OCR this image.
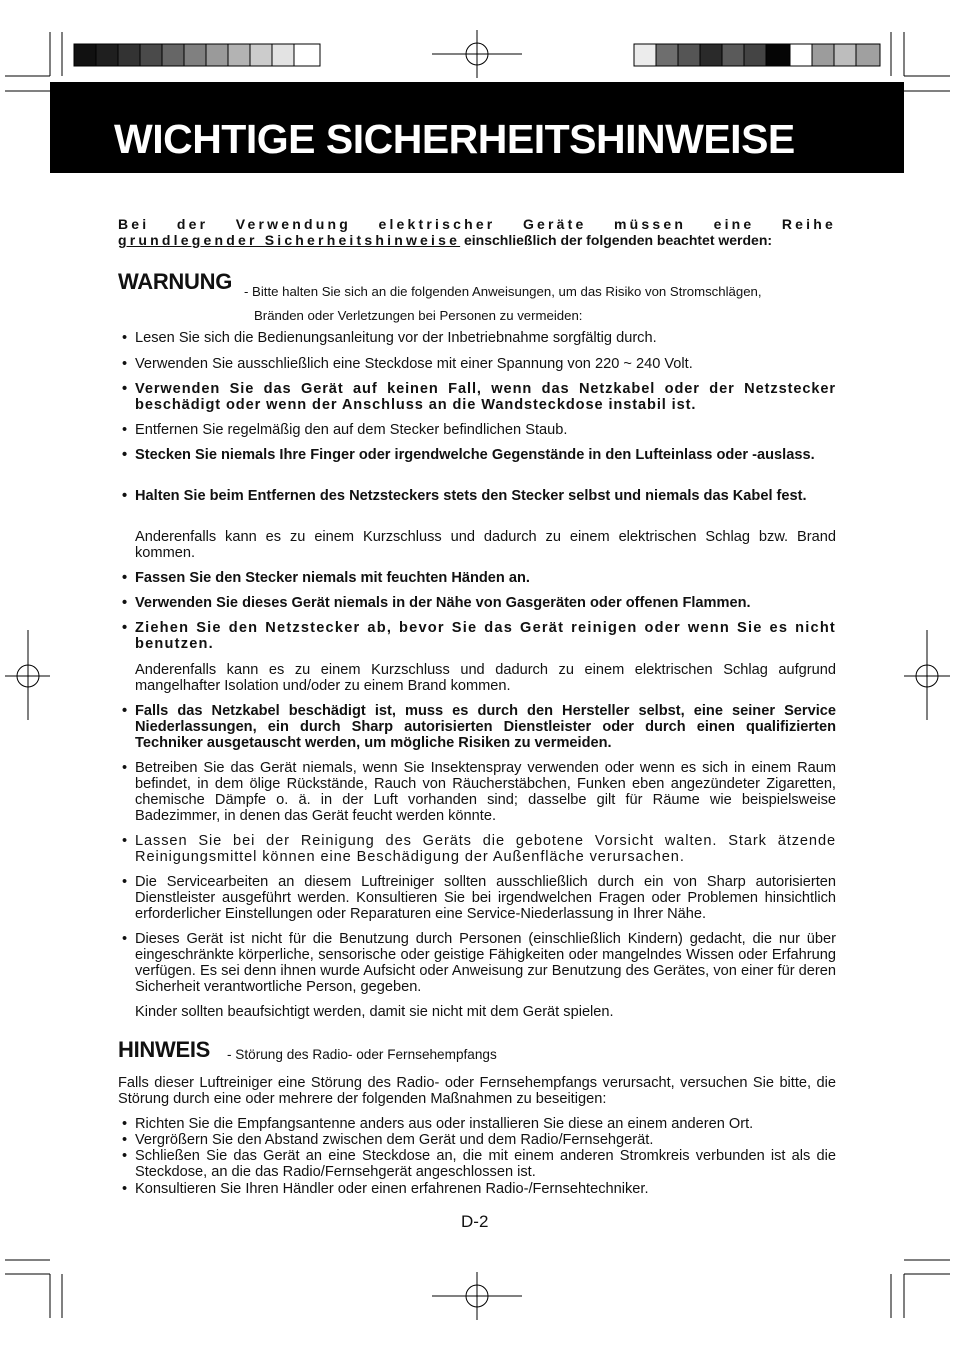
WICHTIGE SICHERHEITSHINWEISE

Bei der Verwendung elektrischer Geräte müssen eine Reihe grundlegender Sicherheitshinweise einschließlich der folgenden beachtet werden:

WARNUNG - Bitte halten Sie sich an die folgenden Anweisungen, um das Risiko von Stromschlägen,
Bränden oder Verletzungen bei Personen zu vermeiden:
• Lesen Sie sich die Bedienungsanleitung vor der Inbetriebnahme sorgfältig durch.
• Verwenden Sie ausschließlich eine Steckdose mit einer Spannung von 220 ~ 240 Volt.
• Verwenden Sie das Gerät auf keinen Fall, wenn das Netzkabel oder der Netzstecker beschädigt oder wenn der Anschluss an die Wandsteckdose instabil ist.
• Entfernen Sie regelmäßig den auf dem Stecker befindlichen Staub.
• Stecken Sie niemals Ihre Finger oder irgendwelche Gegenstände in den Lufteinlass oder -auslass.
• Halten Sie beim Entfernen des Netzsteckers stets den Stecker selbst und niemals das Kabel fest.
Anderenfalls kann es zu einem Kurzschluss und dadurch zu einem elektrischen Schlag bzw. Brand kommen.
• Fassen Sie den Stecker niemals mit feuchten Händen an.
• Verwenden Sie dieses Gerät niemals in der Nähe von Gasgeräten oder offenen Flammen.
• Ziehen Sie den Netzstecker ab, bevor Sie das Gerät reinigen oder wenn Sie es nicht benutzen.
Anderenfalls kann es zu einem Kurzschluss und dadurch zu einem elektrischen Schlag aufgrund mangelhafter Isolation und/oder zu einem Brand kommen.
• Falls das Netzkabel beschädigt ist, muss es durch den Hersteller selbst, eine seiner Service Niederlassungen, ein durch Sharp autorisierten Dienstleister oder durch einen qualifizierten Techniker ausgetauscht werden, um mögliche Risiken zu vermeiden.
• Betreiben Sie das Gerät niemals, wenn Sie Insektenspray verwenden oder wenn es sich in einem Raum befindet, in dem ölige Rückstände, Rauch von Räucherstäbchen, Funken eben angezündeter Zigaretten, chemische Dämpfe o. ä. in der Luft vorhanden sind; dasselbe gilt für Räume wie beispielsweise Badezimmer, in denen das Gerät feucht werden könnte.
• Lassen Sie bei der Reinigung des Geräts die gebotene Vorsicht walten. Stark ätzende Reinigungsmittel können eine Beschädigung der Außenfläche verursachen.
• Die Servicearbeiten an diesem Luftreiniger sollten ausschließlich durch ein von Sharp autorisierten Dienstleister ausgeführt werden. Konsultieren Sie bei irgendwelchen Fragen oder Problemen hinsichtlich erforderlicher Einstellungen oder Reparaturen eine Service-Niederlassung in Ihrer Nähe.
• Dieses Gerät ist nicht für die Benutzung durch Personen (einschließlich Kindern) gedacht, die nur über eingeschränkte körperliche, sensorische oder geistige Fähigkeiten oder mangelndes Wissen oder Erfahrung verfügen. Es sei denn ihnen wurde Aufsicht oder Anweisung zur Benutzung des Gerätes, von einer für deren Sicherheit verantwortliche Person, gegeben.
Kinder sollten beaufsichtigt werden, damit sie nicht mit dem Gerät spielen.
HINWEIS - Störung des Radio- oder Fernsehempfangs
Falls dieser Luftreiniger eine Störung des Radio- oder Fernsehempfangs verursacht, versuchen Sie bitte, die Störung durch eine oder mehrere der folgenden Maßnahmen zu beseitigen:
• Richten Sie die Empfangsantenne anders aus oder installieren Sie diese an einem anderen Ort.
• Vergrößern Sie den Abstand zwischen dem Gerät und dem Radio/Fernsehgerät.
• Schließen Sie das Gerät an eine Steckdose an, die mit einem anderen Stromkreis verbunden ist als die Steckdose, an die das Radio/Fernsehgerät angeschlossen ist.
• Konsultieren Sie Ihren Händler oder einen erfahrenen Radio-/Fernsehtechniker.
D-2
